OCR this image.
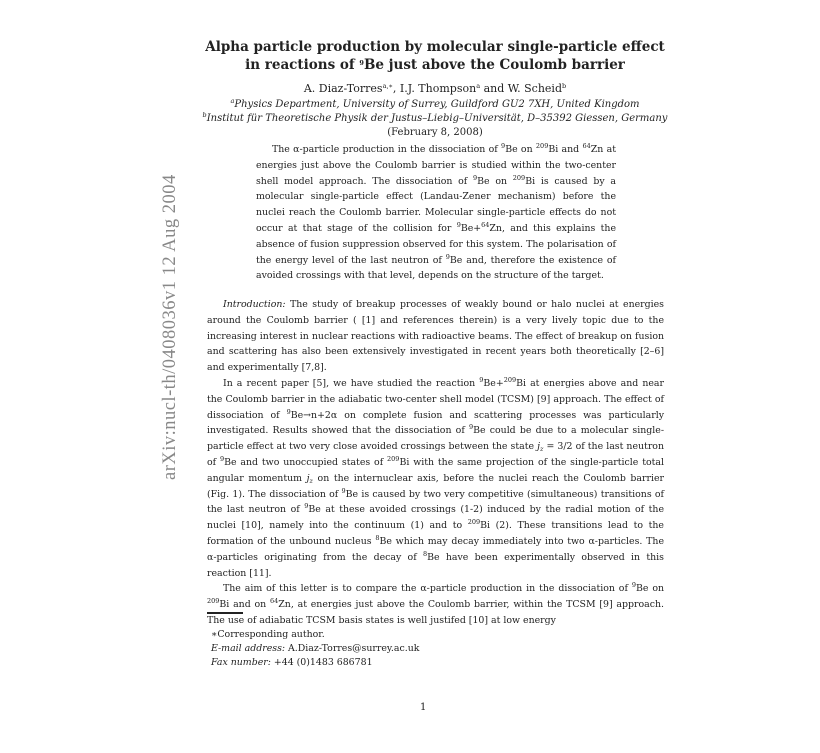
Alpha particle production by molecular single-particle effect
in reactions of $^9$Be just above the Coulomb barrier
A. Diaz-Torres$^{a,∗}$, I.J. Thompson$^a$ and W. Scheid$^b$
$^a$Physics Department, University of Surrey, Guildford GU2 7XH, United Kingdom
$^b$Institut für Theoretische Physik der Justus–Liebig–Universität, D–35392 Giessen, Germany
(February 8, 2008)

The α-particle production in the dissociation of $^9$Be on $^{209}$Bi and $^{64}$Zn at energies just above the Coulomb barrier is studied within the two-center shell model approach. The dissociation of $^9$Be on $^{209}$Bi is caused by a molecular single-particle effect (Landau-Zener mechanism) before the nuclei reach the Coulomb barrier. Molecular single-particle effects do not occur at that stage of the collision for $^9$Be+$^{64}$Zn, and this explains the absence of fusion suppression observed for this system. The polarisation of the energy level of the last neutron of $^9$Be and, therefore the existence of avoided crossings with that level, depends on the structure of the target.

arXiv:nucl-th/0408036v1 12 Aug 2004	Introduction: The study of breakup processes of weakly bound or halo nuclei at energies around the Coulomb barrier ( [1] and references therein) is a very lively topic due to the increasing interest in nuclear reactions with radioactive beams. The effect of breakup on fusion and scattering has also been extensively investigated in recent years both theoretically [2–6] and experimentally [7,8].

In a recent paper [5], we have studied the reaction $^9$Be+$^{209}$Bi at energies above and near the Coulomb barrier in the adiabatic two-center shell model (TCSM) [9] approach. The effect of dissociation of $^9$Be→n+2α on complete fusion and scattering processes was particularly investigated. Results showed that the dissociation of $^9$Be could be due to a molecular single-particle effect at two very close avoided crossings between the state $j_z = 3/2$ of the last neutron of $^9$Be and two unoccupied states of $^{209}$Bi with the same projection of the single-particle total angular momentum $j_z$ on the internuclear axis, before the nuclei reach the Coulomb barrier (Fig. 1). The dissociation of $^9$Be is caused by two very competitive (simultaneous) transitions of the last neutron of $^9$Be at these avoided crossings (1-2) induced by the radial motion of the nuclei [10], namely into the continuum (1) and to $^{209}$Bi (2). These transitions lead to the formation of the unbound nucleus $^8$Be which may decay immediately into two α-particles. The α-particles originating from the decay of $^8$Be have been experimentally observed in this reaction [11].

The aim of this letter is to compare the α-particle production in the dissociation of $^9$Be on $^{209}$Bi and on $^{64}$Zn, at energies just above the Coulomb barrier, within the TCSM [9] approach. The use of adiabatic TCSM basis states is well justifed [10] at low energy

∗Corresponding author.
E-mail address: A.Diaz-Torres@surrey.ac.uk
Fax number: +44 (0)1483 686781
1
